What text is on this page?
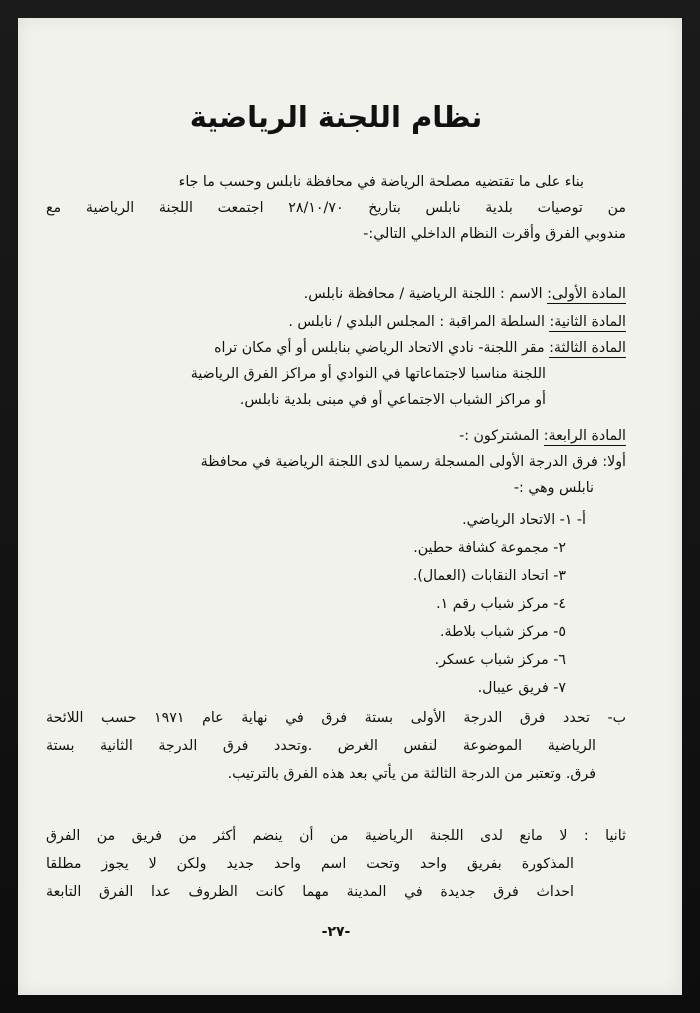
نظام اللجنة الرياضية
بناء على ما تقتضيه مصلحة الرياضة في محافظة نابلس وحسب ما جاء
من توصيات بلدية نابلس بتاريخ ٢٨/١٠/٧٠ اجتمعت اللجنة الرياضية مع
مندوبي الفرق وأقرت النظام الداخلي التالي:-
المادة الأولى: الاسم : اللجنة الرياضية / محافظة نابلس.
المادة الثانية: السلطة المراقبة : المجلس البلدي / نابلس .
المادة الثالثة: مقر اللجنة- نادي الاتحاد الرياضي بنابلس أو أي مكان تراه
اللجنة مناسبا لاجتماعاتها في النوادي أو مراكز الفرق الرياضية
أو مراكز الشباب الاجتماعي أو في مبنى بلدية نابلس.
المادة الرابعة: المشتركون :-
أولا: فرق الدرجة الأولى المسجلة رسميا لدى اللجنة الرياضية في محافظة
نابلس وهي :-
أ- ١- الاتحاد الرياضي.
٢- مجموعة كشافة حطين.
٣- اتحاد النقابات (العمال).
٤- مركز شباب رقم ١.
٥- مركز شباب بلاطة.
٦- مركز شباب عسكر.
٧- فريق عيبال.
ب- تحدد فرق الدرجة الأولى بستة فرق في نهاية عام ١٩٧١ حسب اللائحة
الرياضية الموضوعة لنفس الغرض .وتحدد فرق الدرجة الثانية بستة
فرق. وتعتبر من الدرجة الثالثة من يأتي بعد هذه الفرق بالترتيب.
ثانيا : لا مانع لدى اللجنة الرياضية من أن ينضم أكثر من فريق من الفرق
المذكورة بفريق واحد وتحت اسم واحد جديد ولكن لا يجوز مطلقا
احداث فرق جديدة في المدينة مهما كانت الظروف عدا الفرق التابعة
-٢٧-
